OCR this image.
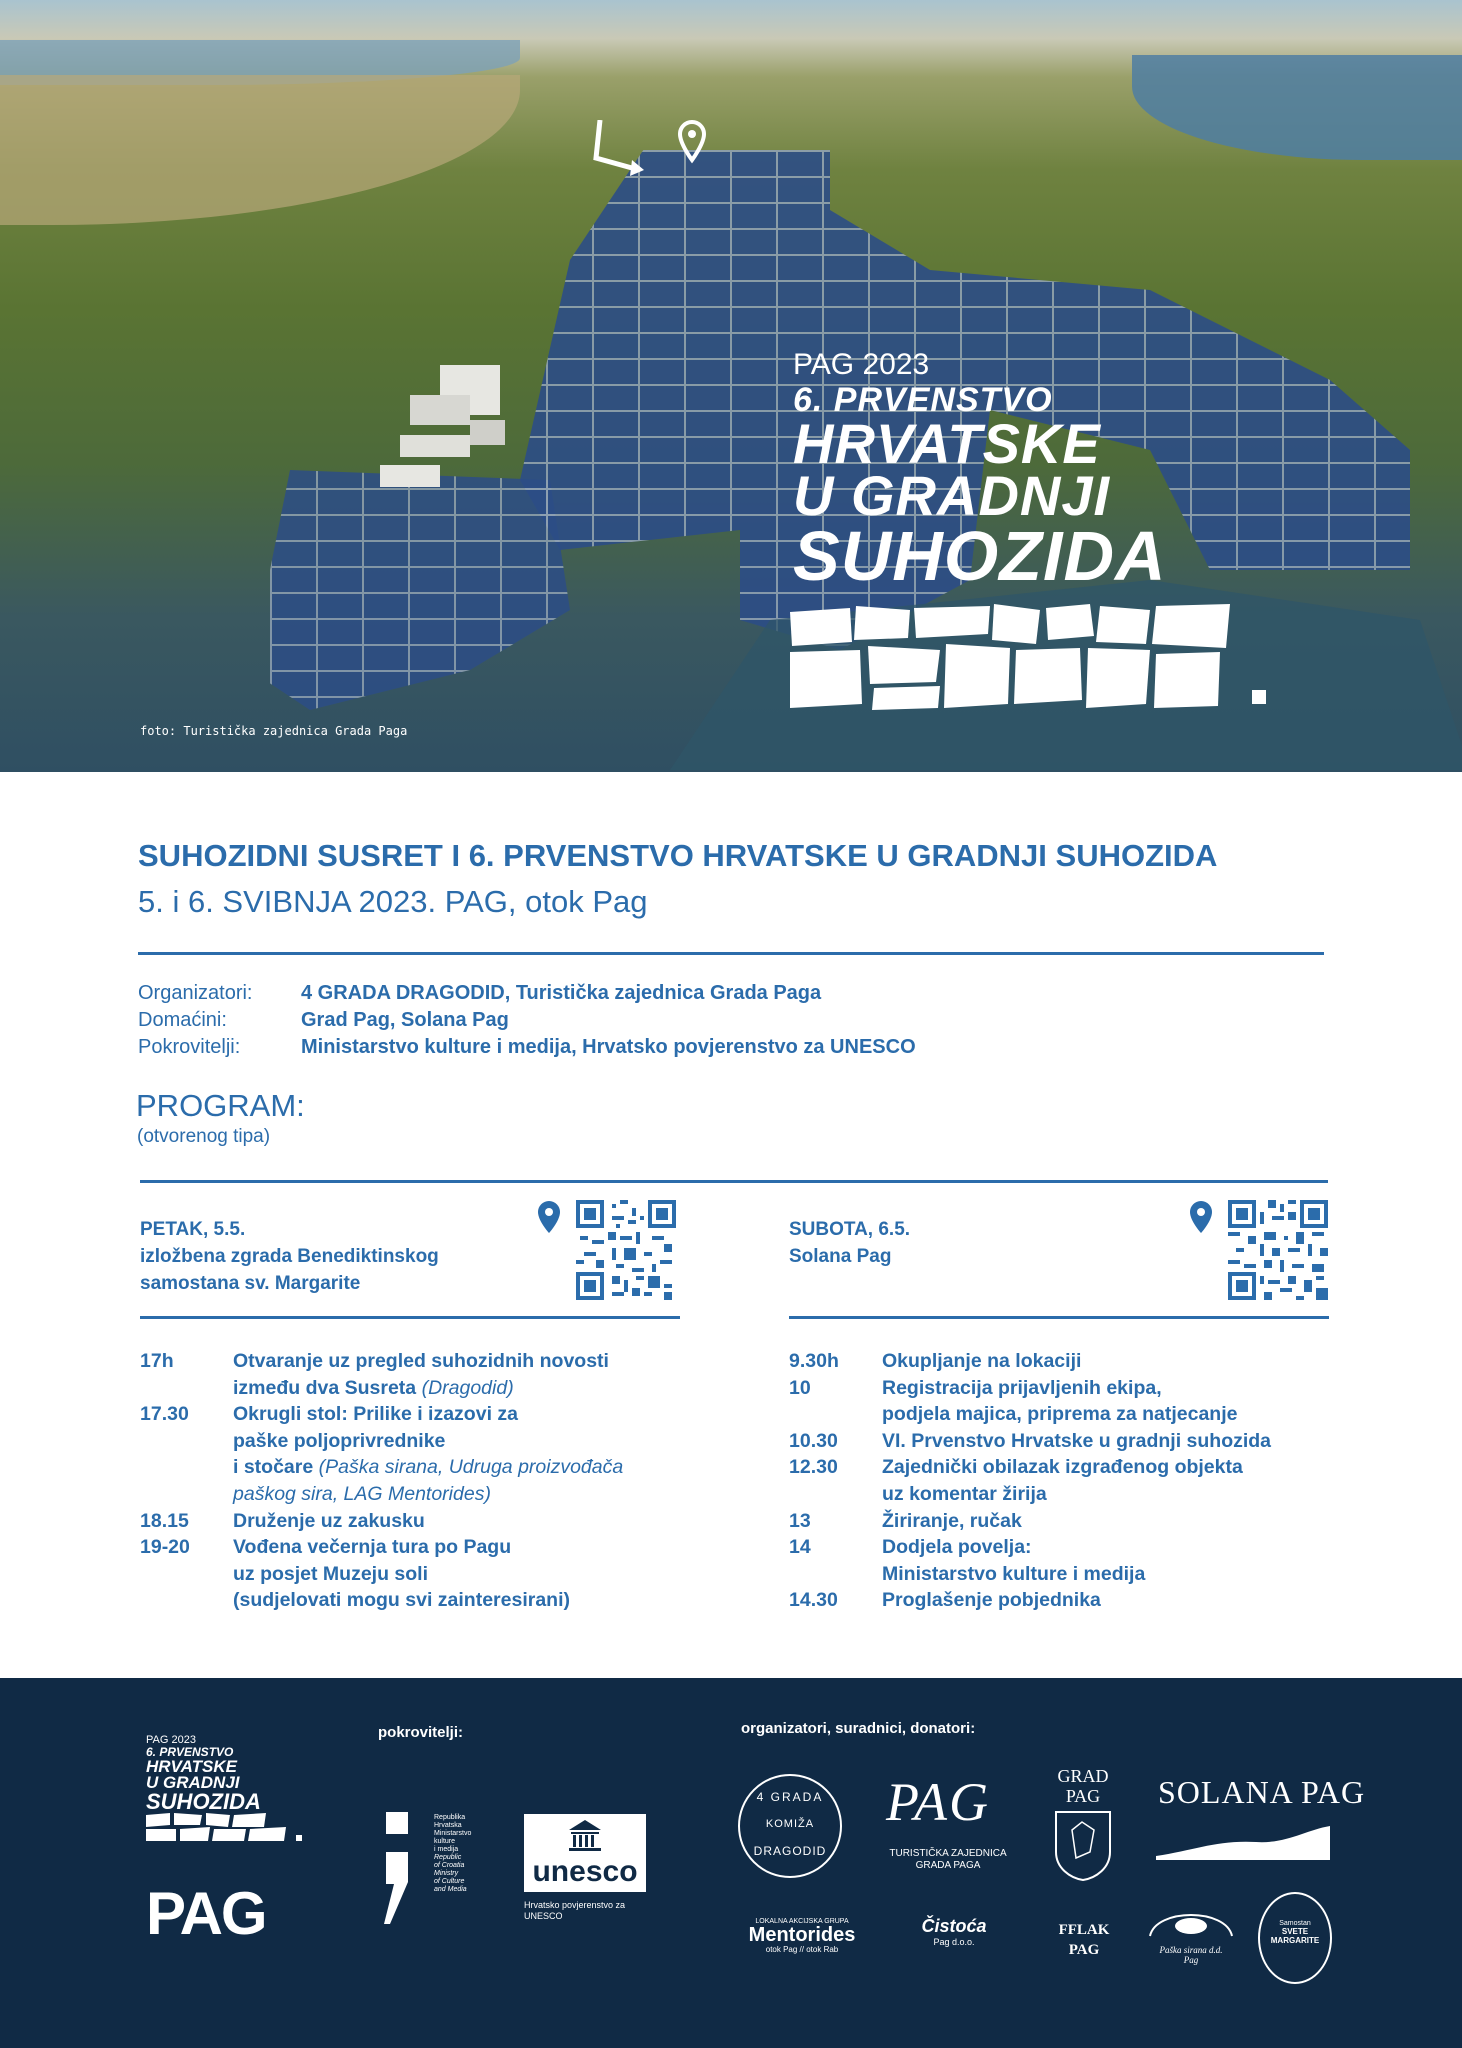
PAG 2023
6. PRVENSTVO
HRVATSKE
U GRADNJI
SUHOZIDA
foto: Turistička zajednica Grada Paga
SUHOZIDNI SUSRET I 6. PRVENSTVO HRVATSKE U GRADNJI SUHOZIDA
5. i 6. SVIBNJA 2023. PAG, otok Pag
Organizatori:	4 GRADA DRAGODID, Turistička zajednica Grada Paga
Domaćini:	Grad Pag, Solana Pag
Pokrovitelji:	Ministarstvo kulture i medija, Hrvatsko povjerenstvo za UNESCO
PROGRAM:
(otvorenog tipa)
PETAK, 5.5.
izložbena zgrada Benediktinskog
samostana sv. Margarite
SUBOTA, 6.5.
Solana Pag
17h	Otvaranje uz pregled suhozidnih novosti
između dva Susreta (Dragodid)
17.30	Okrugli stol: Prilike i izazovi za
paške poljoprivrednike
i stočare (Paška sirana, Udruga proizvođača
paškog sira, LAG Mentorides)
18.15	Druženje uz zakusku
19-20	Vođena večernja tura po Pagu
uz posjet Muzeju soli
(sudjelovati mogu svi zainteresirani)
9.30h	Okupljanje na lokaciji
10	Registracija prijavljenih ekipa,
podjela majica, priprema za natjecanje
10.30	VI. Prvenstvo Hrvatske u gradnji suhozida
12.30	Zajednički obilazak izgrađenog objekta
uz komentar žirija
13	Žiriranje, ručak
14	Dodjela povelja:
Ministarstvo kulture i medija
14.30	Proglašenje pobjednika
PAG 2023
6. PRVENSTVO
HRVATSKE
U GRADNJI
SUHOZIDA
PAG
pokrovitelji:
Republika
Hrvatska
Ministarstvo
kulture
i medija
Republic
of Croatia
Ministry
of Culture
and Media
unesco
Hrvatsko povjerenstvo za
UNESCO
organizatori, suradnici, donatori:
4 GRADA
KOMIŽA
DRAGODID
PAG
TURISTIČKA ZAJEDNICA
GRADA PAGA
GRAD
PAG	SOLANA PAG
LOKALNA AKCIJSKA GRUPA
Mentorides
otok Pag // otok Rab
Čistoća
Pag d.o.o.
FFLAK
PAG	Paška sirana d.d.
Pag
Samostan
SVETE
MARGARITE
